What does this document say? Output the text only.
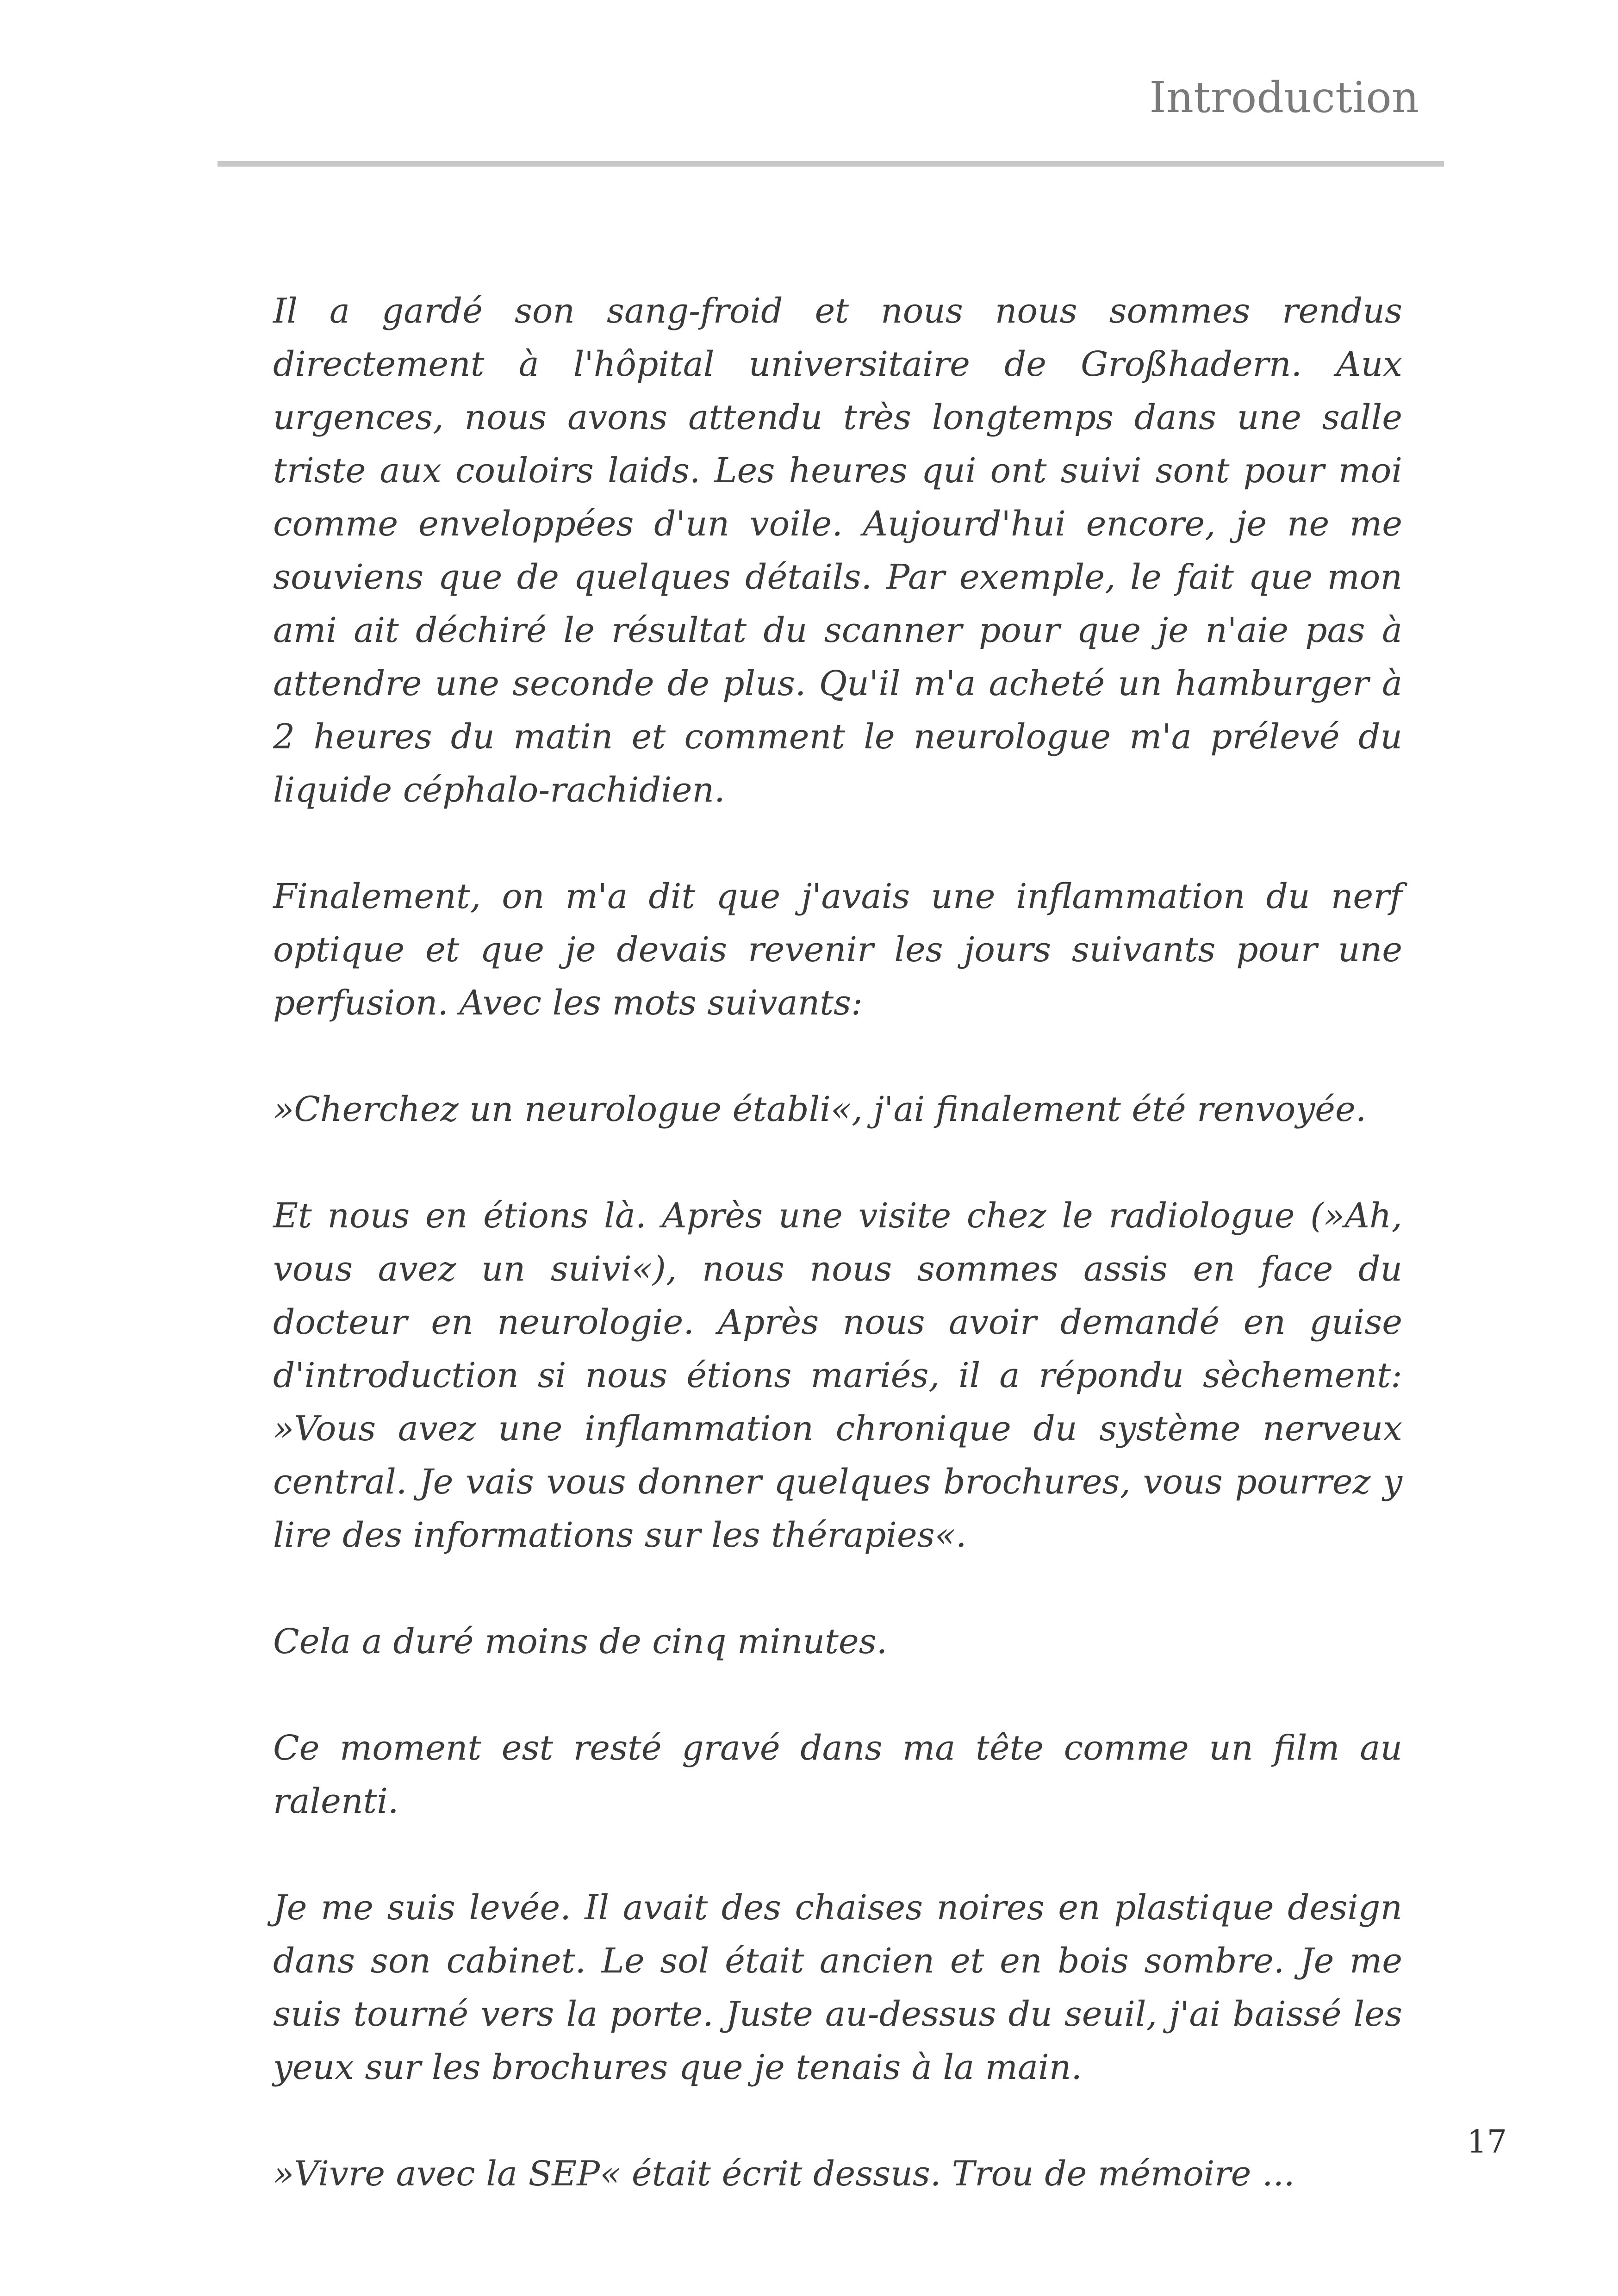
Introduction

Il a gardé son sang-froid et nous nous sommes rendus directement à l'hôpital universitaire de Großhadern. Aux urgences, nous avons attendu très longtemps dans une salle triste aux couloirs laids. Les heures qui ont suivi sont pour moi comme enveloppées d'un voile. Aujourd'hui encore, je ne me souviens que de quelques détails. Par exemple, le fait que mon ami ait déchiré le résultat du scanner pour que je n'aie pas à attendre une seconde de plus. Qu'il m'a acheté un hamburger à 2 heures du matin et comment le neurologue m'a prélevé du liquide céphalo-rachidien.

Finalement, on m'a dit que j'avais une inflammation du nerf optique et que je devais revenir les jours suivants pour une perfusion. Avec les mots suivants:

»Cherchez un neurologue établi«, j'ai finalement été renvoyée.

Et nous en étions là. Après une visite chez le radiologue (»Ah, vous avez un suivi«), nous nous sommes assis en face du docteur en neurologie. Après nous avoir demandé en guise d'introduction si nous étions mariés, il a répondu sèchement: »Vous avez une inflammation chronique du système nerveux central. Je vais vous donner quelques brochures, vous pourrez y lire des informations sur les thérapies«.

Cela a duré moins de cinq minutes.

Ce moment est resté gravé dans ma tête comme un film au ralenti.

Je me suis levée. Il avait des chaises noires en plastique design dans son cabinet. Le sol était ancien et en bois sombre. Je me suis tourné vers la porte. Juste au-dessus du seuil, j'ai baissé les yeux sur les brochures que je tenais à la main.

»Vivre avec la SEP« était écrit dessus. Trou de mémoire ...

17
